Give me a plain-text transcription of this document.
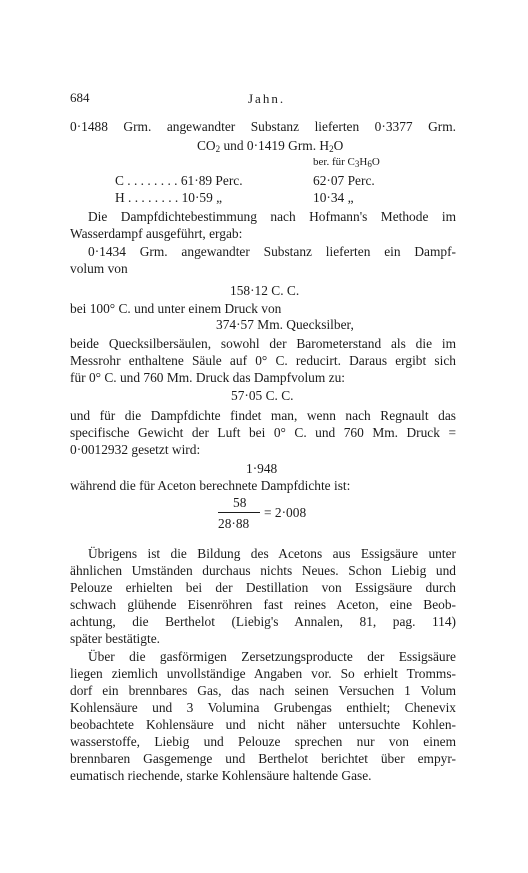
684	Jahn.
0·1488 Grm. angewandter Substanz lieferten 0·3377 Grm.
$CO_2$ und 0·1419 Grm. $H_2O$
ber. für $C_3H_6O$
C . . . . . . . . 61·89 Perc.	62·07 Perc.
H . . . . . . . . 10·59 „	10·34 „
Die Dampfdichtebestimmung nach Hofmann's Methode im
Wasserdampf ausgeführt, ergab:
0·1434 Grm. angewandter Substanz lieferten ein Dampf-
volum von
158·12 C. C.
bei 100° C. und unter einem Druck von
374·57 Mm. Quecksilber,
beide Quecksilbersäulen, sowohl der Barometerstand als die im
Messrohr enthaltene Säule auf 0° C. reducirt. Daraus ergibt sich
für 0° C. und 760 Mm. Druck das Dampfvolum zu:
57·05 C. C.
und für die Dampfdichte findet man, wenn nach Regnault das
specifische Gewicht der Luft bei 0° C. und 760 Mm. Druck =
0·0012932 gesetzt wird:
1·948
während die für Aceton berechnete Dampfdichte ist:
58
28·88
= 2·008
Übrigens ist die Bildung des Acetons aus Essigsäure unter
ähnlichen Umständen durchaus nichts Neues. Schon Liebig und
Pelouze erhielten bei der Destillation von Essigsäure durch
schwach glühende Eisenröhren fast reines Aceton, eine Beob-
achtung, die Berthelot (Liebig's Annalen, 81, pag. 114)
später bestätigte.
Über die gasförmigen Zersetzungsproducte der Essigsäure
liegen ziemlich unvollständige Angaben vor. So erhielt Tromms-
dorf ein brennbares Gas, das nach seinen Versuchen 1 Volum
Kohlensäure und 3 Volumina Grubengas enthielt; Chenevix
beobachtete Kohlensäure und nicht näher untersuchte Kohlen-
wasserstoffe, Liebig und Pelouze sprechen nur von einem
brennbaren Gasgemenge und Berthelot berichtet über empyr-
eumatisch riechende, starke Kohlensäure haltende Gase.
